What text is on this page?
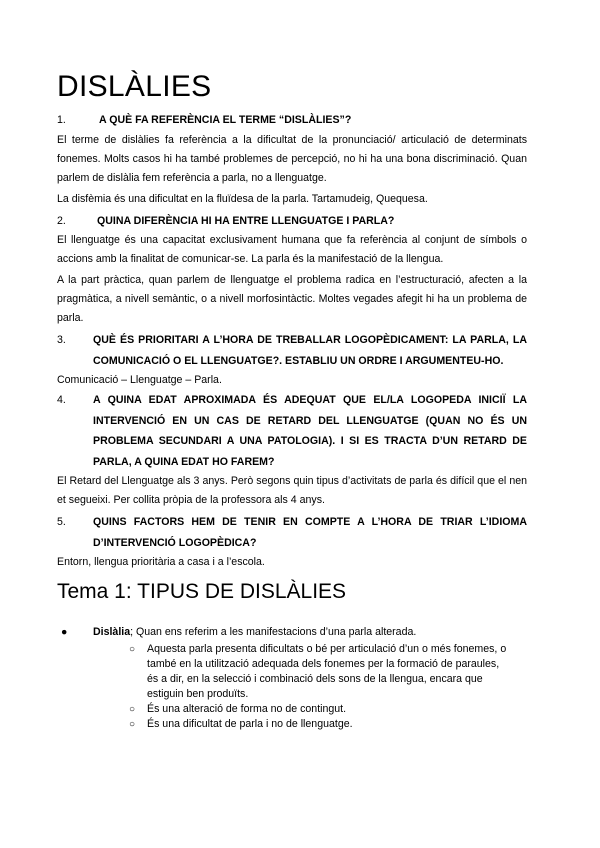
DISLÀLIES
1.	A QUÈ FA REFERÈNCIA EL TERME “DISLÀLIES”?

El terme de dislàlies fa referència a la dificultat de la pronunciació/ articulació de determinats fonemes. Molts casos hi ha també problemes de percepció, no hi ha una bona discriminació. Quan parlem de dislàlia fem referència a parla, no a llenguatge.

La disfèmia és una dificultat en la fluïdesa de la parla. Tartamudeig, Quequesa.

2.	QUINA DIFERÈNCIA HI HA ENTRE LLENGUATGE I PARLA?

El llenguatge és una capacitat exclusivament humana que fa referència al conjunt de símbols o accions amb la finalitat de comunicar-se. La parla és la manifestació de la llengua.

A la part pràctica, quan parlem de llenguatge el problema radica en l’estructuració, afecten a la pragmàtica, a nivell semàntic, o a nivell morfosintàctic. Moltes vegades afegit hi ha un problema de parla.

3.	QUÈ ÉS PRIORITARI A L’HORA DE TREBALLAR LOGOPÈDICAMENT: LA PARLA, LA COMUNICACIÓ O EL LLENGUATGE?. ESTABLIU UN ORDRE I ARGUMENTEU-HO.

Comunicació – Llenguatge – Parla.

4.	A QUINA EDAT APROXIMADA ÉS ADEQUAT QUE EL/LA LOGOPEDA INICIÏ LA INTERVENCIÓ EN UN CAS DE RETARD DEL LLENGUATGE (QUAN NO ÉS UN PROBLEMA SECUNDARI A UNA PATOLOGIA). I SI ES TRACTA D’UN RETARD DE PARLA, A QUINA EDAT HO FAREM?

El Retard del Llenguatge als 3 anys. Però segons quin tipus d’activitats de parla és difícil que el nen et segueixi. Per collita pròpia de la professora als 4 anys.

5.	QUINS FACTORS HEM DE TENIR EN COMPTE A L’HORA DE TRIAR L’IDIOMA D’INTERVENCIÓ LOGOPÈDICA?

Entorn, llengua prioritària a casa i a l’escola.

Tema 1: TIPUS DE DISLÀLIES
●	Dislàlia; Quan ens referim a les manifestacions d’una parla alterada.
○	Aquesta parla presenta dificultats o bé per articulació d’un o més fonemes, o també en la utilització adequada dels fonemes per la formació de paraules, és a dir, en la selecció i combinació dels sons de la llengua, encara que estiguin ben produïts.
○	És una alteració de forma no de contingut.
○	És una dificultat de parla i no de llenguatge.
